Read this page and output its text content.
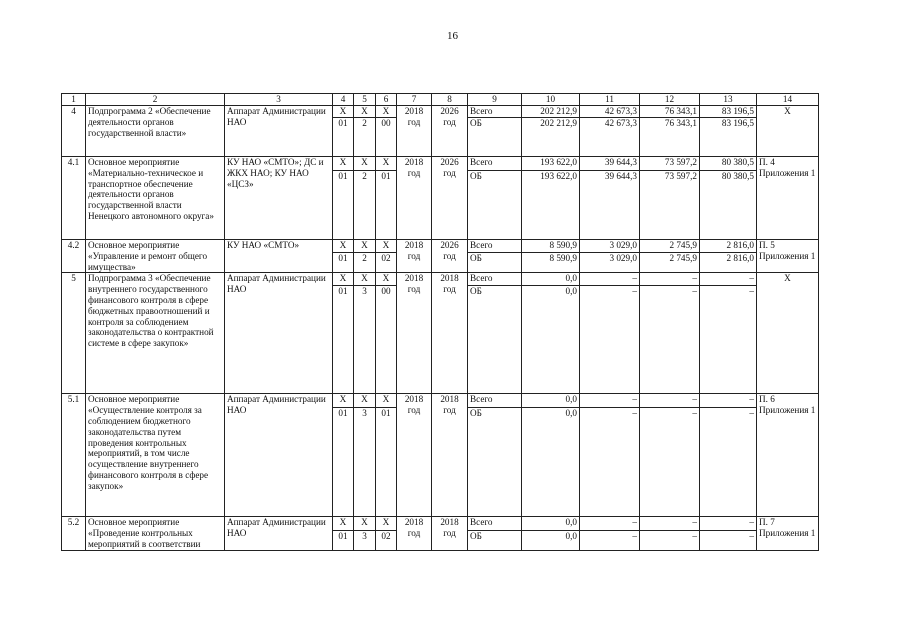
16
1	2	3	4	5	6	7	8	9	10	11	12	13	14
4	Подпрограмма 2 «Обеспечение деятельности органов государственной власти»	Аппарат Администрации НАО	Х	Х	Х	2018 год	2026 год	Всего	202 212,9	42 673,3	76 343,1	83 196,5	Х
			01	2	00			ОБ	202 212,9	42 673,3	76 343,1	83 196,5	
4.1	Основное мероприятие «Материально-техническое и транспортное обеспечение деятельности органов государственной власти Ненецкого автономного округа»	КУ НАО «СМТО»; ДС и ЖКХ НАО; КУ НАО «ЦСЗ»	Х	Х	Х	2018 год	2026 год	Всего	193 622,0	39 644,3	73 597,2	80 380,5	П. 4 Приложения 1
			01	2	01			ОБ	193 622,0	39 644,3	73 597,2	80 380,5	
4.2	Основное мероприятие «Управление и ремонт общего имущества»	КУ НАО «СМТО»	Х	Х	Х	2018 год	2026 год	Всего	8 590,9	3 029,0	2 745,9	2 816,0	П. 5 Приложения 1
			01	2	02			ОБ	8 590,9	3 029,0	2 745,9	2 816,0	
5	Подпрограмма 3 «Обеспечение внутреннего государственного финансового контроля в сфере бюджетных правоотношений и контроля за соблюдением законодательства о контрактной системе в сфере закупок»	Аппарат Администрации НАО	Х	Х	Х	2018 год	2018 год	Всего	0,0	–	–	–	Х
			01	3	00			ОБ	0,0	–	–	–	
5.1	Основное мероприятие «Осуществление контроля за соблюдением бюджетного законодательства путем проведения контрольных мероприятий, в том числе осуществление внутреннего финансового контроля в сфере закупок»	Аппарат Администрации НАО	Х	Х	Х	2018 год	2018 год	Всего	0,0	–	–	–	П. 6 Приложения 1
			01	3	01			ОБ	0,0	–	–	–	
5.2	Основное мероприятие «Проведение контрольных мероприятий в соответствии	Аппарат Администрации НАО	Х	Х	Х	2018 год	2018 год	Всего	0,0	–	–	–	П. 7 Приложения 1
			01	3	02			ОБ	0,0	–	–	–	
